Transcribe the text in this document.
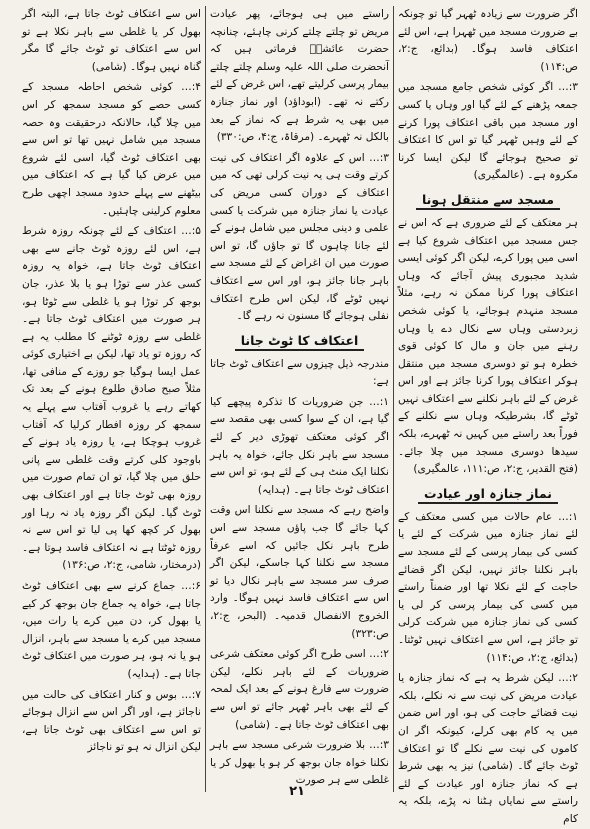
اگر ضرورت سے زیادہ ٹھہر گیا تو چونکہ بے ضرورت مسجد میں ٹھہرا ہے، اس لئے اعتکاف فاسد ہوگا۔ (بدائع، ج:۲، ص:۱۱۴)

۳:… اگر کوئی شخص جامع مسجد میں جمعہ پڑھنے کے لئے گیا اور وہاں یا کسی اور مسجد میں باقی اعتکاف پورا کرنے کے لئے وہیں ٹھہر گیا تو اس کا اعتکاف تو صحیح ہوجائے گا لیکن ایسا کرنا مکروہ ہے۔ (عالمگیری)

مسجد سے منتقل ہونا

ہر معتکف کے لئے ضروری ہے کہ اس نے جس مسجد میں اعتکاف شروع کیا ہے اسی میں پورا کرے، لیکن اگر کوئی ایسی شدید مجبوری پیش آجائے کہ وہاں اعتکاف پورا کرنا ممکن نہ رہے، مثلاً مسجد منہدم ہوجائے، یا کوئی شخص زبردستی وہاں سے نکال دے یا وہاں رہنے میں جان و مال کا کوئی قوی خطرہ ہو تو دوسری مسجد میں منتقل ہوکر اعتکاف پورا کرنا جائز ہے اور اس غرض کے لئے باہر نکلنے سے اعتکاف نہیں ٹوٹے گا، بشرطیکہ وہاں سے نکلنے کے فوراً بعد راستے میں کہیں نہ ٹھہرے، بلکہ سیدھا دوسری مسجد میں چلا جائے۔ (فتح القدیر، ج:۲، ص:۱۱۱، عالمگیری)

نماز جنازہ اور عیادت

۱:… عام حالات میں کسی معتکف کے لئے نماز جنازہ میں شرکت کے لئے یا کسی کی بیمار پرسی کے لئے مسجد سے باہر نکلنا جائز نہیں، لیکن اگر قضائے حاجت کے لئے نکلا تھا اور ضمناً راستے میں کسی کی بیمار پرسی کر لی یا کسی کی نماز جنازہ میں شرکت کرلی تو جائز ہے، اس سے اعتکاف نہیں ٹوٹتا۔ (بدائع، ج:۲، ص:۱۱۴)

۲:… لیکن شرط یہ ہے کہ نماز جنازہ یا عیادت مریض کی نیت سے نہ نکلے، بلکہ نیت قضائے حاجت کی ہو، اور اس ضمن میں یہ کام بھی کرلے، کیونکہ اگر ان کاموں کی نیت سے نکلے گا تو اعتکاف ٹوٹ جائے گا۔ (شامی) نیز یہ بھی شرط ہے کہ نماز جنازہ اور عیادت کے لئے راستے سے نمایاں ہٹنا نہ پڑے، بلکہ یہ کام

راستے میں ہی ہوجائے، پھر عیادت مریض تو چلتے چلتے کرنی چاہئے، چنانچہ حضرت عائشہؓ فرماتی ہیں کہ آنحضرت صلی اللہ علیہ وسلم چلتے چلتے بیمار پرسی کرلیتے تھے، اس غرض کے لئے رکتے نہ تھے۔ (ابوداؤد) اور نماز جنازہ میں بھی یہ شرط ہے کہ نماز کے بعد بالکل نہ ٹھہرے۔ (مرقاۃ، ج:۴، ص:۳۳۰)

۳:… اس کے علاوہ اگر اعتکاف کی نیت کرتے وقت ہی یہ نیت کرلی تھی کہ میں اعتکاف کے دوران کسی مریض کی عیادت یا نماز جنازہ میں شرکت یا کسی علمی و دینی مجلس میں شامل ہونے کے لئے جانا چاہوں گا تو جاؤں گا، تو اس صورت میں ان اغراض کے لئے مسجد سے باہر جانا جائز ہو، اور اس سے اعتکاف نہیں ٹوٹے گا، لیکن اس طرح اعتکاف نفلی ہوجائے گا مسنون نہ رہے گا۔

اعتکاف کا ٹوٹ جانا

مندرجہ ذیل چیزوں سے اعتکاف ٹوٹ جاتا ہے:

۱:… جن ضروریات کا تذکرہ پیچھے کیا گیا ہے، ان کے سوا کسی بھی مقصد سے اگر کوئی معتکف تھوڑی دیر کے لئے مسجد سے باہر نکل جائے، خواہ یہ باہر نکلنا ایک منٹ ہی کے لئے ہو، تو اس سے اعتکاف ٹوٹ جاتا ہے۔ (ہدایہ)

واضح رہے کہ مسجد سے نکلنا اس وقت کہا جائے گا جب پاؤں مسجد سے اس طرح باہر نکل جائیں کہ اسے عرفاً مسجد سے نکلنا کہا جاسکے، لیکن اگر صرف سر مسجد سے باہر نکال دیا تو اس سے اعتکاف فاسد نہیں ہوگا۔ وارد الخروج الانفصال قدمیہ۔ (البحر، ج:۲، ص:۳۲۳)

۲:… اسی طرح اگر کوئی معتکف شرعی ضروریات کے لئے باہر نکلے، لیکن ضرورت سے فارغ ہونے کے بعد ایک لمحہ کے لئے بھی باہر ٹھہر جائے تو اس سے بھی اعتکاف ٹوٹ جاتا ہے۔ (شامی)

۳:… بلا ضرورت شرعی مسجد سے باہر نکلنا خواہ جان بوجھ کر ہو یا بھول کر یا غلطی سے ہر صورت

اس سے اعتکاف ٹوٹ جاتا ہے، البتہ اگر بھول کر یا غلطی سے باہر نکلا ہے تو اس سے اعتکاف تو ٹوٹ جائے گا مگر گناہ نہیں ہوگا۔ (شامی)

۴:… کوئی شخص احاطہ مسجد کے کسی حصے کو مسجد سمجھ کر اس میں چلا گیا، حالانکہ درحقیقت وہ حصہ مسجد میں شامل نہیں تھا تو اس سے بھی اعتکاف ٹوٹ گیا، اسی لئے شروع میں عرض کیا گیا ہے کہ اعتکاف میں بیٹھنے سے پہلے حدود مسجد اچھی طرح معلوم کرلینی چاہئیں۔

۵:… اعتکاف کے لئے چونکہ روزہ شرط ہے، اس لئے روزہ ٹوٹ جانے سے بھی اعتکاف ٹوٹ جاتا ہے، خواہ یہ روزہ کسی عذر سے توڑا ہو یا بلا عذر، جان بوجھ کر توڑا ہو یا غلطی سے ٹوٹا ہو، ہر صورت میں اعتکاف ٹوٹ جاتا ہے۔ غلطی سے روزہ ٹوٹنے کا مطلب یہ ہے کہ روزہ تو یاد تھا، لیکن بے اختیاری کوئی عمل ایسا ہوگیا جو روزے کے منافی تھا، مثلاً صبح صادق طلوع ہونے کے بعد تک کھاتے رہے یا غروب آفتاب سے پہلے یہ سمجھ کر روزہ افطار کرلیا کہ آفتاب غروب ہوچکا ہے، یا روزہ یاد ہونے کے باوجود کلی کرتے وقت غلطی سے پانی حلق میں چلا گیا، تو ان تمام صورت میں روزہ بھی ٹوٹ جاتا ہے اور اعتکاف بھی ٹوٹ گیا۔ لیکن اگر روزہ یاد نہ رہا اور بھول کر کچھ کھا پی لیا تو اس سے نہ روزہ ٹوٹتا ہے نہ اعتکاف فاسد ہوتا ہے۔ (درمختار، شامی، ج:۲، ص:۱۳۶)

۶:… جماع کرنے سے بھی اعتکاف ٹوٹ جاتا ہے، خواہ یہ جماع جان بوجھ کر کیے یا بھول کر، دن میں کرے یا رات میں، مسجد میں کرے یا مسجد سے باہر، انزال ہو یا نہ ہو، ہر صورت میں اعتکاف ٹوٹ جاتا ہے۔ (ہدایہ)

۷:… بوس و کنار اعتکاف کی حالت میں ناجائز ہے، اور اگر اس سے انزال ہوجائے تو اس سے اعتکاف بھی ٹوٹ جاتا ہے، لیکن انزال نہ ہو تو ناجائز

۲۱
